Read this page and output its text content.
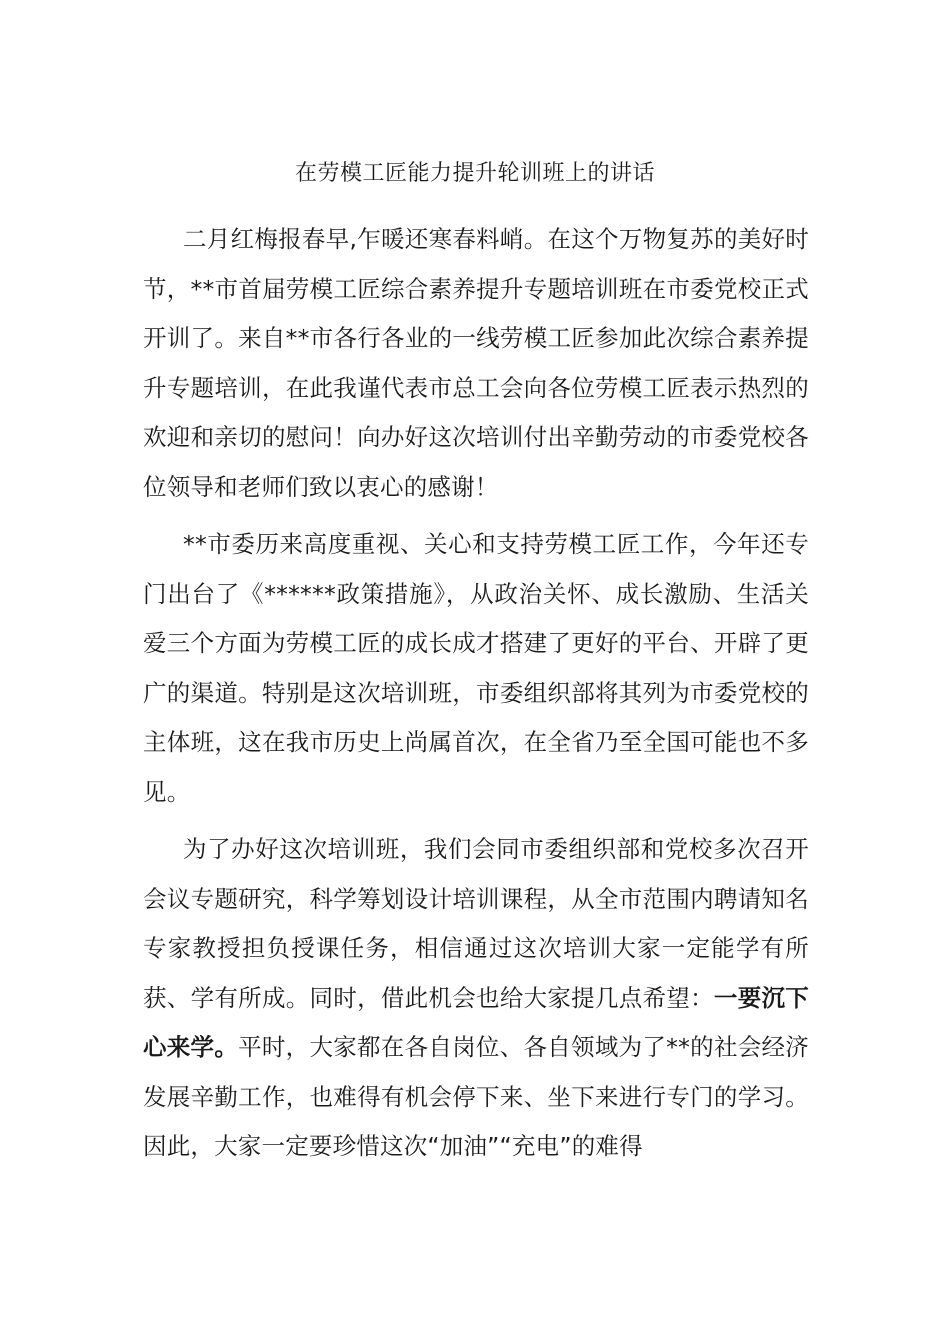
在劳模工匠能力提升轮训班上的讲话

二月红梅报春早,乍暖还寒春料峭。在这个万物复苏的美好时节，**市首届劳模工匠综合素养提升专题培训班在市委党校正式开训了。来自**市各行各业的一线劳模工匠参加此次综合素养提升专题培训，在此我谨代表市总工会向各位劳模工匠表示热烈的欢迎和亲切的慰问！向办好这次培训付出辛勤劳动的市委党校各位领导和老师们致以衷心的感谢！

**市委历来高度重视、关心和支持劳模工匠工作，今年还专门出台了《******政策措施》，从政治关怀、成长激励、生活关爱三个方面为劳模工匠的成长成才搭建了更好的平台、开辟了更广的渠道。特别是这次培训班，市委组织部将其列为市委党校的主体班，这在我市历史上尚属首次，在全省乃至全国可能也不多见。

为了办好这次培训班，我们会同市委组织部和党校多次召开会议专题研究，科学筹划设计培训课程，从全市范围内聘请知名专家教授担负授课任务，相信通过这次培训大家一定能学有所获、学有所成。同时，借此机会也给大家提几点希望：一要沉下心来学。平时，大家都在各自岗位、各自领域为了**的社会经济发展辛勤工作，也难得有机会停下来、坐下来进行专门的学习。因此，大家一定要珍惜这次“加油”“充电”的难得
